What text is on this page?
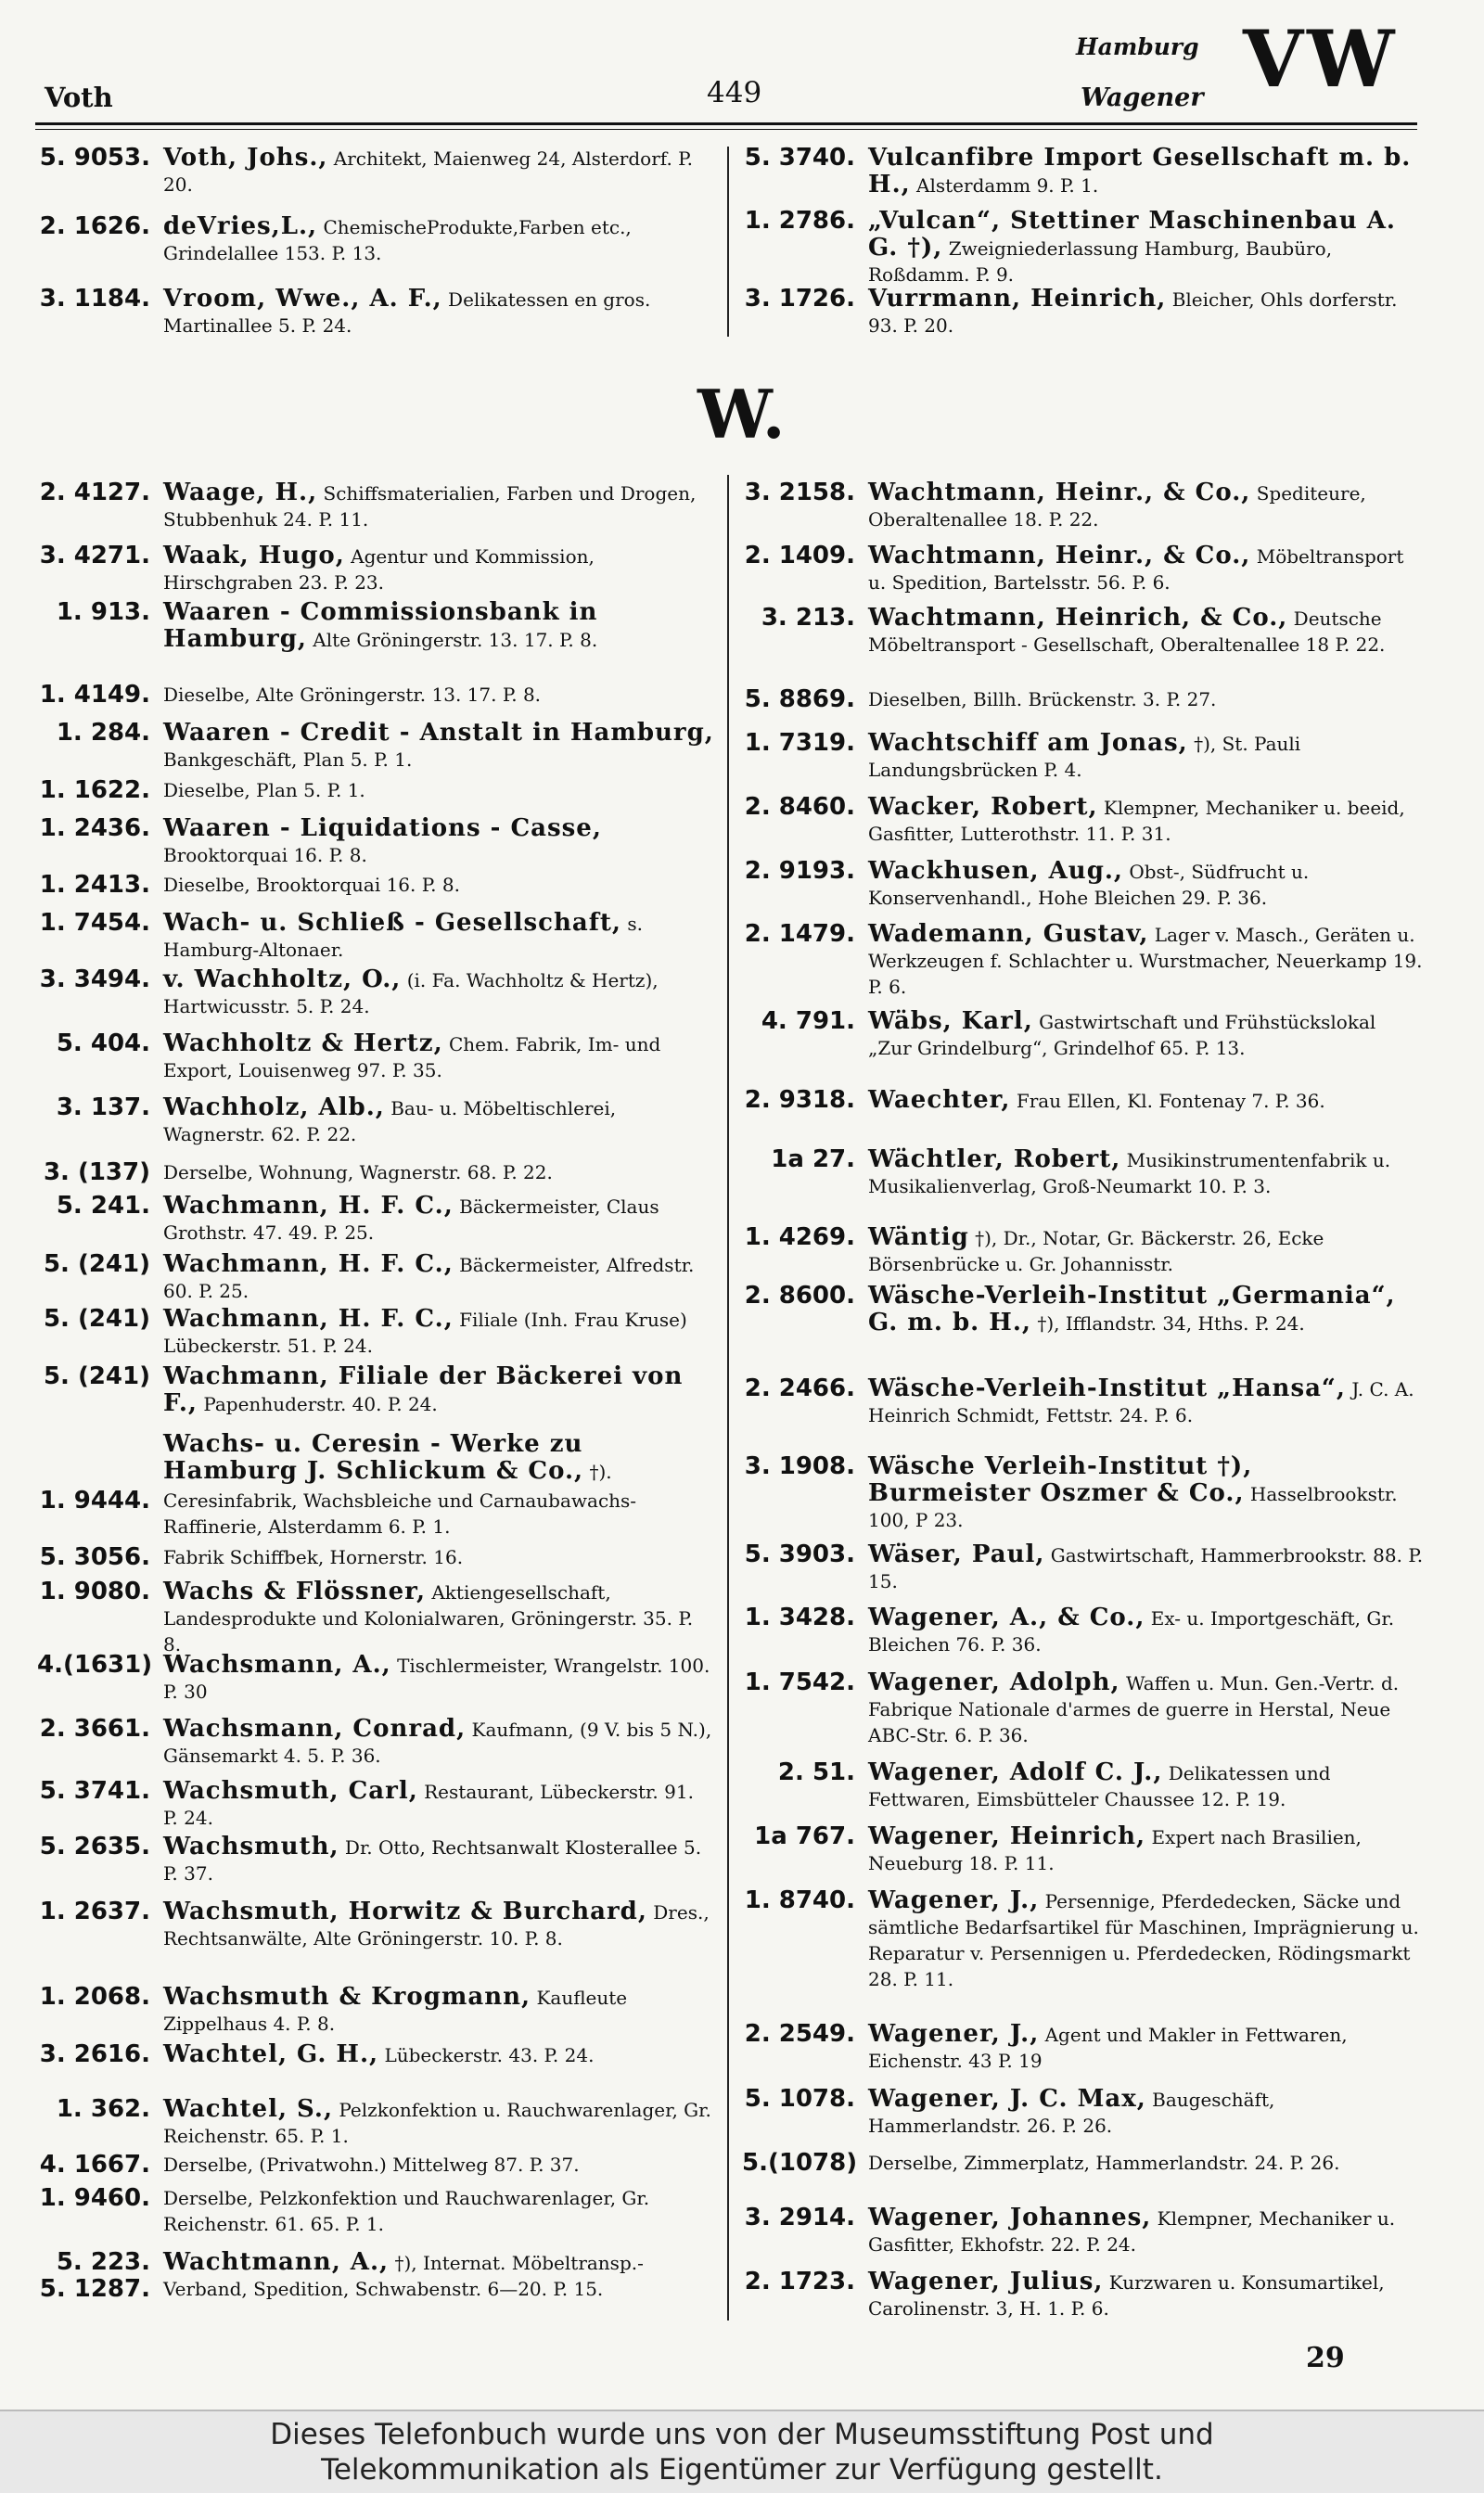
Voth	449
Hamburg
Wagener VW
W.
5. 9053. Voth, Johs., Architekt, Maienweg 24, Alsterdorf. P. 20.
2. 1626. deVries,L., ChemischeProdukte,Farben etc., Grindelallee 153. P. 13.
3. 1184. Vroom, Wwe., A. F., Delikatessen en gros. Martinallee 5. P. 24.
5. 3740. Vulcanfibre Import Gesellschaft m. b. H., Alsterdamm 9. P. 1.
1. 2786. „Vulcan“, Stettiner Maschinenbau A. G. †), Zweigniederlassung Hamburg, Baubüro, Roßdamm. P. 9.
3. 1726. Vurrmann, Heinrich, Bleicher, Ohls dorferstr. 93. P. 20.
2. 4127. Waage, H., Schiffsmaterialien, Farben und Drogen, Stubbenhuk 24. P. 11.
3. 4271. Waak, Hugo, Agentur und Kommission, Hirschgraben 23. P. 23.
1. 913. Waaren - Commissionsbank in Hamburg, Alte Gröningerstr. 13. 17. P. 8.
1. 4149. Dieselbe, Alte Gröningerstr. 13. 17. P. 8.
1. 284. Waaren - Credit - Anstalt in Hamburg, Bankgeschäft, Plan 5. P. 1.
1. 1622. Dieselbe, Plan 5. P. 1.
1. 2436. Waaren - Liquidations - Casse, Brooktorquai 16. P. 8.
1. 2413. Dieselbe, Brooktorquai 16. P. 8.
1. 7454. Wach- u. Schließ - Gesellschaft, s. Hamburg-Altonaer.
3. 3494. v. Wachholtz, O., (i. Fa. Wachholtz & Hertz), Hartwicusstr. 5. P. 24.
5. 404. Wachholtz & Hertz, Chem. Fabrik, Im- und Export, Louisenweg 97. P. 35.
3. 137. Wachholz, Alb., Bau- u. Möbeltischlerei, Wagnerstr. 62. P. 22.
3. (137) Derselbe, Wohnung, Wagnerstr. 68. P. 22.
5. 241. Wachmann, H. F. C., Bäckermeister, Claus Grothstr. 47. 49. P. 25.
5. (241) Wachmann, H. F. C., Bäckermeister, Alfredstr. 60. P. 25.
5. (241) Wachmann, H. F. C., Filiale (Inh. Frau Kruse) Lübeckerstr. 51. P. 24.
5. (241) Wachmann, Filiale der Bäckerei von F., Papenhuderstr. 40. P. 24.
Wachs- u. Ceresin - Werke zu Hamburg J. Schlickum & Co., †).
1. 9444. Ceresinfabrik, Wachsbleiche und Carnaubawachs-Raffinerie, Alsterdamm 6. P. 1.
5. 3056. Fabrik Schiffbek, Hornerstr. 16.
1. 9080. Wachs & Flössner, Aktiengesellschaft, Landesprodukte und Kolonialwaren, Gröningerstr. 35. P. 8.
4.(1631) Wachsmann, A., Tischlermeister, Wrangelstr. 100. P. 30
2. 3661. Wachsmann, Conrad, Kaufmann, (9 V. bis 5 N.), Gänsemarkt 4. 5. P. 36.
5. 3741. Wachsmuth, Carl, Restaurant, Lübeckerstr. 91. P. 24.
5. 2635. Wachsmuth, Dr. Otto, Rechtsanwalt Klosterallee 5. P. 37.
1. 2637. Wachsmuth, Horwitz & Burchard, Dres., Rechtsanwälte, Alte Gröningerstr. 10. P. 8.
1. 2068. Wachsmuth & Krogmann, Kaufleute Zippelhaus 4. P. 8.
3. 2616. Wachtel, G. H., Lübeckerstr. 43. P. 24.
1. 362. Wachtel, S., Pelzkonfektion u. Rauchwarenlager, Gr. Reichenstr. 65. P. 1.
4. 1667. Derselbe, (Privatwohn.) Mittelweg 87. P. 37.
1. 9460. Derselbe, Pelzkonfektion und Rauchwarenlager, Gr. Reichenstr. 61. 65. P. 1.
5. 223.
5. 1287.
Wachtmann, A., †), Internat. Möbeltransp.-Verband, Spedition, Schwabenstr. 6—20. P. 15.
3. 2158. Wachtmann, Heinr., & Co., Spediteure, Oberaltenallee 18. P. 22.
2. 1409. Wachtmann, Heinr., & Co., Möbeltransport u. Spedition, Bartelsstr. 56. P. 6.
3. 213. Wachtmann, Heinrich, & Co., Deutsche Möbeltransport - Gesellschaft, Oberaltenallee 18 P. 22.
5. 8869. Dieselben, Billh. Brückenstr. 3. P. 27.
1. 7319. Wachtschiff am Jonas, †), St. Pauli Landungsbrücken P. 4.
2. 8460. Wacker, Robert, Klempner, Mechaniker u. beeid, Gasfitter, Lutterothstr. 11. P. 31.
2. 9193. Wackhusen, Aug., Obst-, Südfrucht u. Konservenhandl., Hohe Bleichen 29. P. 36.
2. 1479. Wademann, Gustav, Lager v. Masch., Geräten u. Werkzeugen f. Schlachter u. Wurstmacher, Neuerkamp 19. P. 6.
4. 791. Wäbs, Karl, Gastwirtschaft und Frühstückslokal „Zur Grindelburg“, Grindelhof 65. P. 13.
2. 9318. Waechter, Frau Ellen, Kl. Fontenay 7. P. 36.
1a 27. Wächtler, Robert, Musikinstrumentenfabrik u. Musikalienverlag, Groß-Neumarkt 10. P. 3.
1. 4269. Wäntig †), Dr., Notar, Gr. Bäckerstr. 26, Ecke Börsenbrücke u. Gr. Johannisstr.
2. 8600. Wäsche-Verleih-Institut „Germania“, G. m. b. H., †), Ifflandstr. 34, Hths. P. 24.
2. 2466. Wäsche-Verleih-Institut „Hansa“, J. C. A. Heinrich Schmidt, Fettstr. 24. P. 6.
3. 1908. Wäsche Verleih-Institut †), Burmeister Oszmer & Co., Hasselbrookstr. 100, P 23.
5. 3903. Wäser, Paul, Gastwirtschaft, Hammerbrookstr. 88. P. 15.
1. 3428. Wagener, A., & Co., Ex- u. Importgeschäft, Gr. Bleichen 76. P. 36.
1. 7542. Wagener, Adolph, Waffen u. Mun. Gen.-Vertr. d. Fabrique Nationale d'armes de guerre in Herstal, Neue ABC-Str. 6. P. 36.
2. 51. Wagener, Adolf C. J., Delikatessen und Fettwaren, Eimsbütteler Chaussee 12. P. 19.
1a 767. Wagener, Heinrich, Expert nach Brasilien, Neueburg 18. P. 11.
1. 8740. Wagener, J., Persennige, Pferdedecken, Säcke und sämtliche Bedarfsartikel für Maschinen, Imprägnierung u. Reparatur v. Persennigen u. Pferdedecken, Rödingsmarkt 28. P. 11.
2. 2549. Wagener, J., Agent und Makler in Fettwaren, Eichenstr. 43 P. 19
5. 1078. Wagener, J. C. Max, Baugeschäft, Hammerlandstr. 26. P. 26.
5.(1078) Derselbe, Zimmerplatz, Hammerlandstr. 24. P. 26.
3. 2914. Wagener, Johannes, Klempner, Mechaniker u. Gasfitter, Ekhofstr. 22. P. 24.
2. 1723. Wagener, Julius, Kurzwaren u. Konsumartikel, Carolinenstr. 3, H. 1. P. 6.
29
Dieses Telefonbuch wurde uns von der Museumsstiftung Post und
Telekommunikation als Eigentümer zur Verfügung gestellt.
